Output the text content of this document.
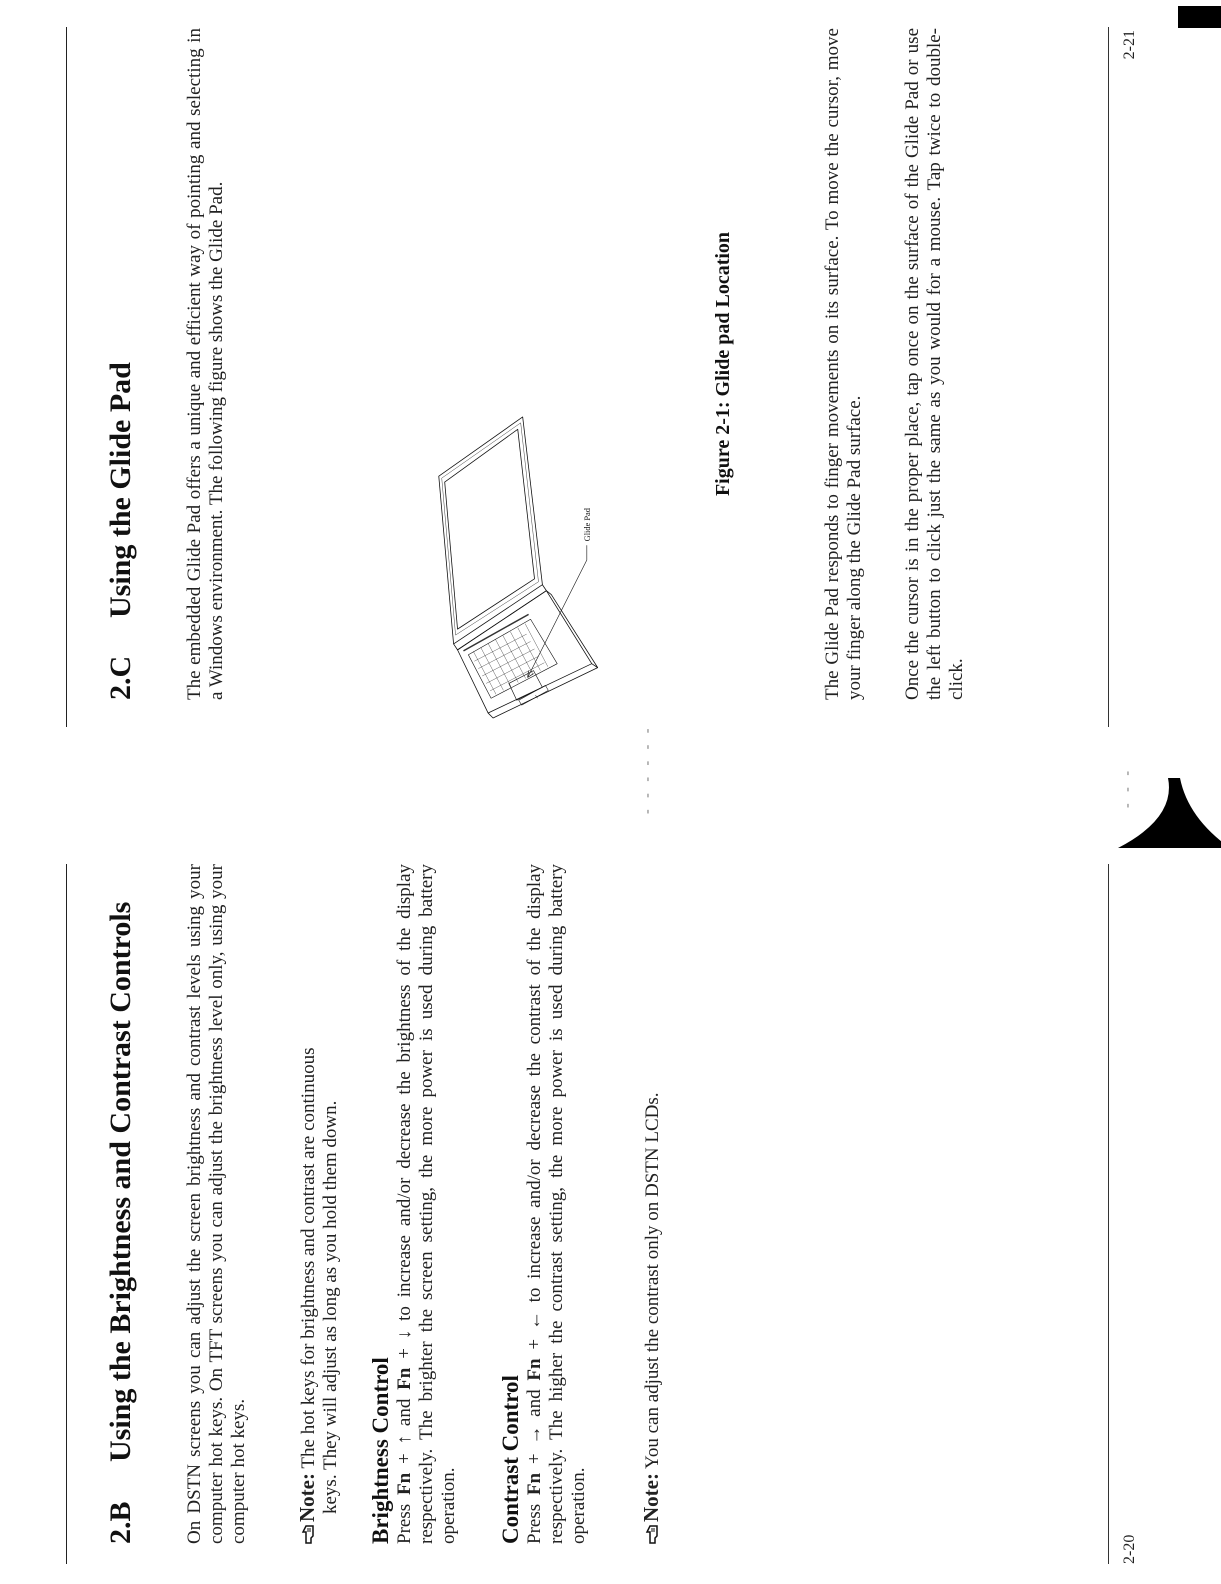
2.BUsing the Brightness and Contrast Controls On DSTN screens you can adjust the screen brightness and contrast levels using your computer hot keys. On TFT screens you can adjust the brightness level only, using your computer hot keys. Note: The hot keys for brightness and contrast are continuous keys. They will adjust as long as you hold them down. Brightness Control Press Fn + ↑ and Fn + ↓ to increase and/or decrease the brightness of the display respectively. The brighter the screen setting, the more power is used during battery operation. Contrast Control Press Fn + → and Fn + ← to increase and/or decrease the contrast of the display respectively. The higher the contrast setting, the more power is used during battery operation. Note: You can adjust the contrast only on DSTN LCDs.

2-20
2.CUsing the Glide Pad The embedded Glide Pad offers a unique and efficient way of pointing and selecting in a Windows environment. The following figure shows the Glide Pad.	Glide Pad
Figure 2-1: Glide pad Location	The Glide Pad responds to finger movements on its surface. To move the cursor, move your finger along the Glide Pad surface. Once the cursor is in the proper place, tap once on the surface of the Glide Pad or use the left button to click just the same as you would for a mouse. Tap twice to double-click.

2-21
- - -
- - - - - -
